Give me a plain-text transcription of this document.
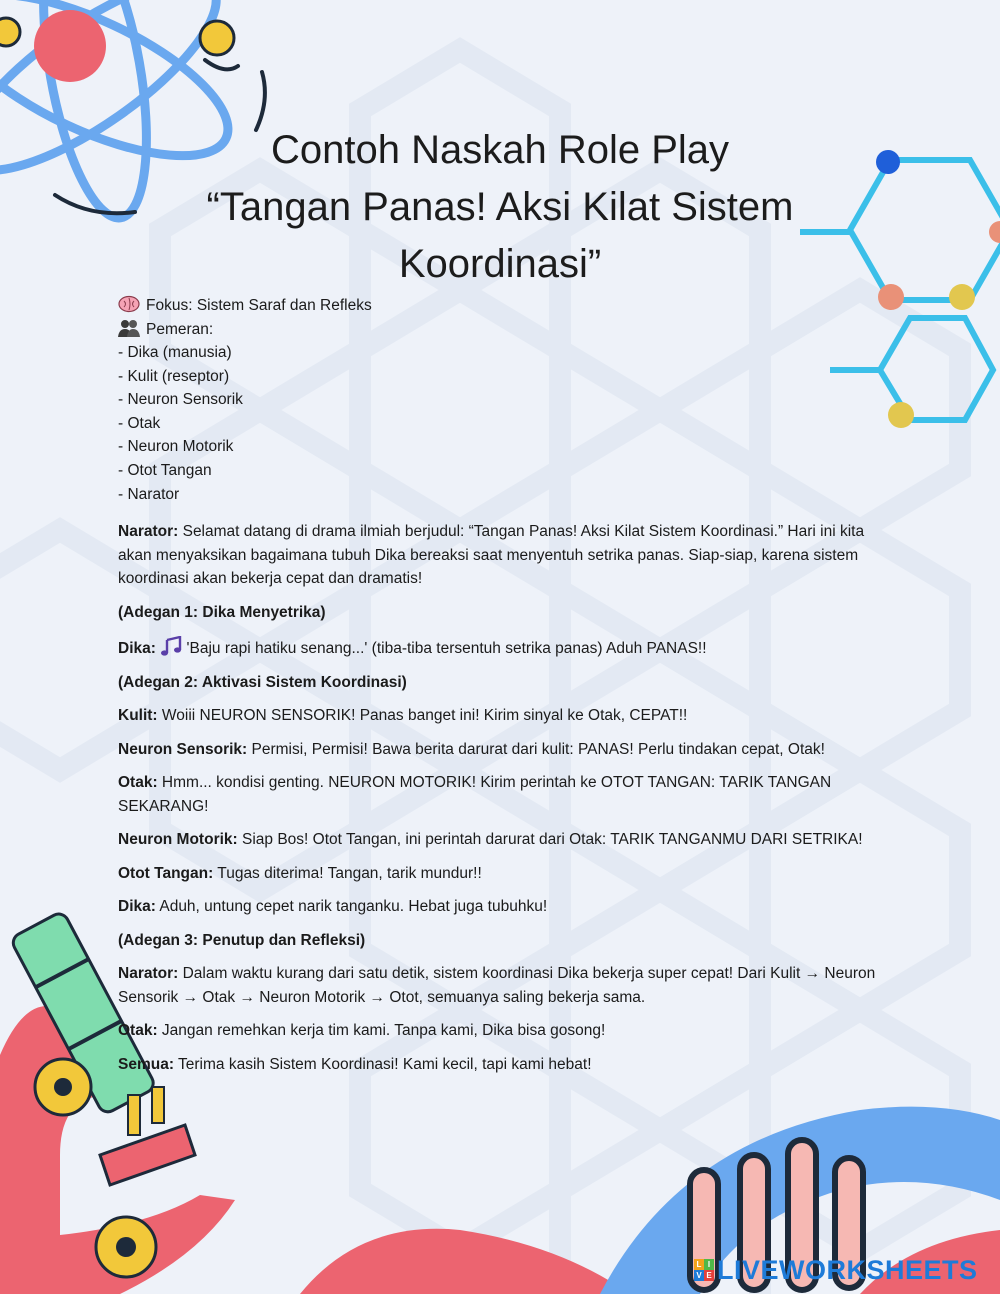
Contoh Naskah Role Play
“Tangan Panas! Aksi Kilat Sistem
Koordinasi”
Fokus: Sistem Saraf dan Refleks
Pemeran:
- Dika (manusia)
- Kulit (reseptor)
- Neuron Sensorik
- Otak
- Neuron Motorik
- Otot Tangan
- Narator

Narator: Selamat datang di drama ilmiah berjudul: “Tangan Panas! Aksi Kilat Sistem Koordinasi.” Hari ini kita akan menyaksikan bagaimana tubuh Dika bereaksi saat menyentuh setrika panas. Siap-siap, karena sistem koordinasi akan bekerja cepat dan dramatis!

(Adegan 1: Dika Menyetrika)

Dika:  'Baju rapi hatiku senang...' (tiba-tiba tersentuh setrika panas) Aduh PANAS!!

(Adegan 2: Aktivasi Sistem Koordinasi)

Kulit: Woiii NEURON SENSORIK! Panas banget ini! Kirim sinyal ke Otak, CEPAT!!

Neuron Sensorik: Permisi, Permisi! Bawa berita darurat dari kulit: PANAS! Perlu tindakan cepat, Otak!

Otak: Hmm... kondisi genting. NEURON MOTORIK! Kirim perintah ke OTOT TANGAN: TARIK TANGAN SEKARANG!

Neuron Motorik: Siap Bos! Otot Tangan, ini perintah darurat dari Otak: TARIK TANGANMU DARI SETRIKA!

Otot Tangan: Tugas diterima! Tangan, tarik mundur!!

Dika: Aduh, untung cepet narik tanganku. Hebat juga tubuhku!

(Adegan 3: Penutup dan Refleksi)

Narator: Dalam waktu kurang dari satu detik, sistem koordinasi Dika bekerja super cepat! Dari Kulit → Neuron Sensorik → Otak → Neuron Motorik → Otot, semuanya saling bekerja sama.

Otak: Jangan remehkan kerja tim kami. Tanpa kami, Dika bisa gosong!

Semua: Terima kasih Sistem Koordinasi! Kami kecil, tapi kami hebat!

L I
V E LIVEWORKSHEETS
